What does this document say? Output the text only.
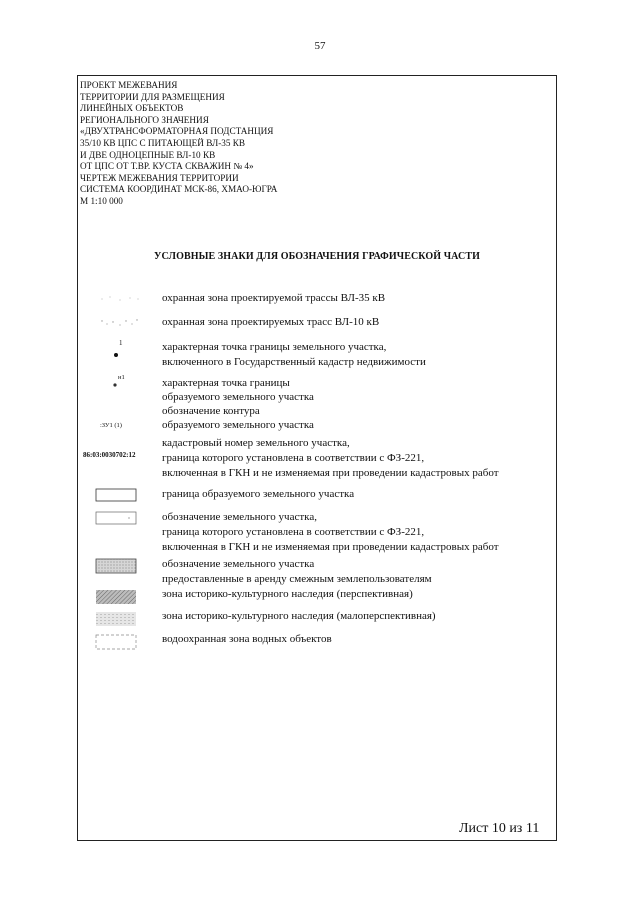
57
ПРОЕКТ МЕЖЕВАНИЯ
ТЕРРИТОРИИ ДЛЯ РАЗМЕЩЕНИЯ
ЛИНЕЙНЫХ ОБЪЕКТОВ
РЕГИОНАЛЬНОГО ЗНАЧЕНИЯ
«ДВУХТРАНСФОРМАТОРНАЯ ПОДСТАНЦИЯ
35/10 КВ ЦПС С ПИТАЮЩЕЙ ВЛ-35 КВ
И ДВЕ ОДНОЦЕПНЫЕ ВЛ-10 КВ
ОТ ЦПС ОТ Т.ВР. КУСТА СКВАЖИН № 4»
ЧЕРТЕЖ МЕЖЕВАНИЯ ТЕРРИТОРИИ
СИСТЕМА КООРДИНАТ МСК-86, ХМАО-ЮГРА
М 1:10 000
УСЛОВНЫЕ ЗНАКИ ДЛЯ ОБОЗНАЧЕНИЯ ГРАФИЧЕСКОЙ ЧАСТИ
охранная зона проектируемой трассы ВЛ-35 кВ
охранная зона проектируемых трасс ВЛ-10 кВ
1	характерная точка границы земельного участка,
включенного в Государственный кадастр недвижимости
н1	характерная точка границы
образуемого земельного участка
:ЗУ1 (1)
обозначение контура
образуемого земельного участка
86:03:0030702:12
кадастровый номер земельного участка,
граница которого установлена в соответствии с ФЗ-221,
включенная в ГКН и не изменяемая при проведении кадастровых работ
граница образуемого земельного участка
обозначение земельного участка,
граница которого установлена в соответствии с ФЗ-221,
включенная в ГКН и не изменяемая при проведении кадастровых работ
обозначение земельного участка
предоставленные в аренду смежным землепользователям
зона историко-культурного наследия (перспективная)
зона историко-культурного наследия (малоперспективная)
водоохранная зона водных объектов
Лист 10 из 11
